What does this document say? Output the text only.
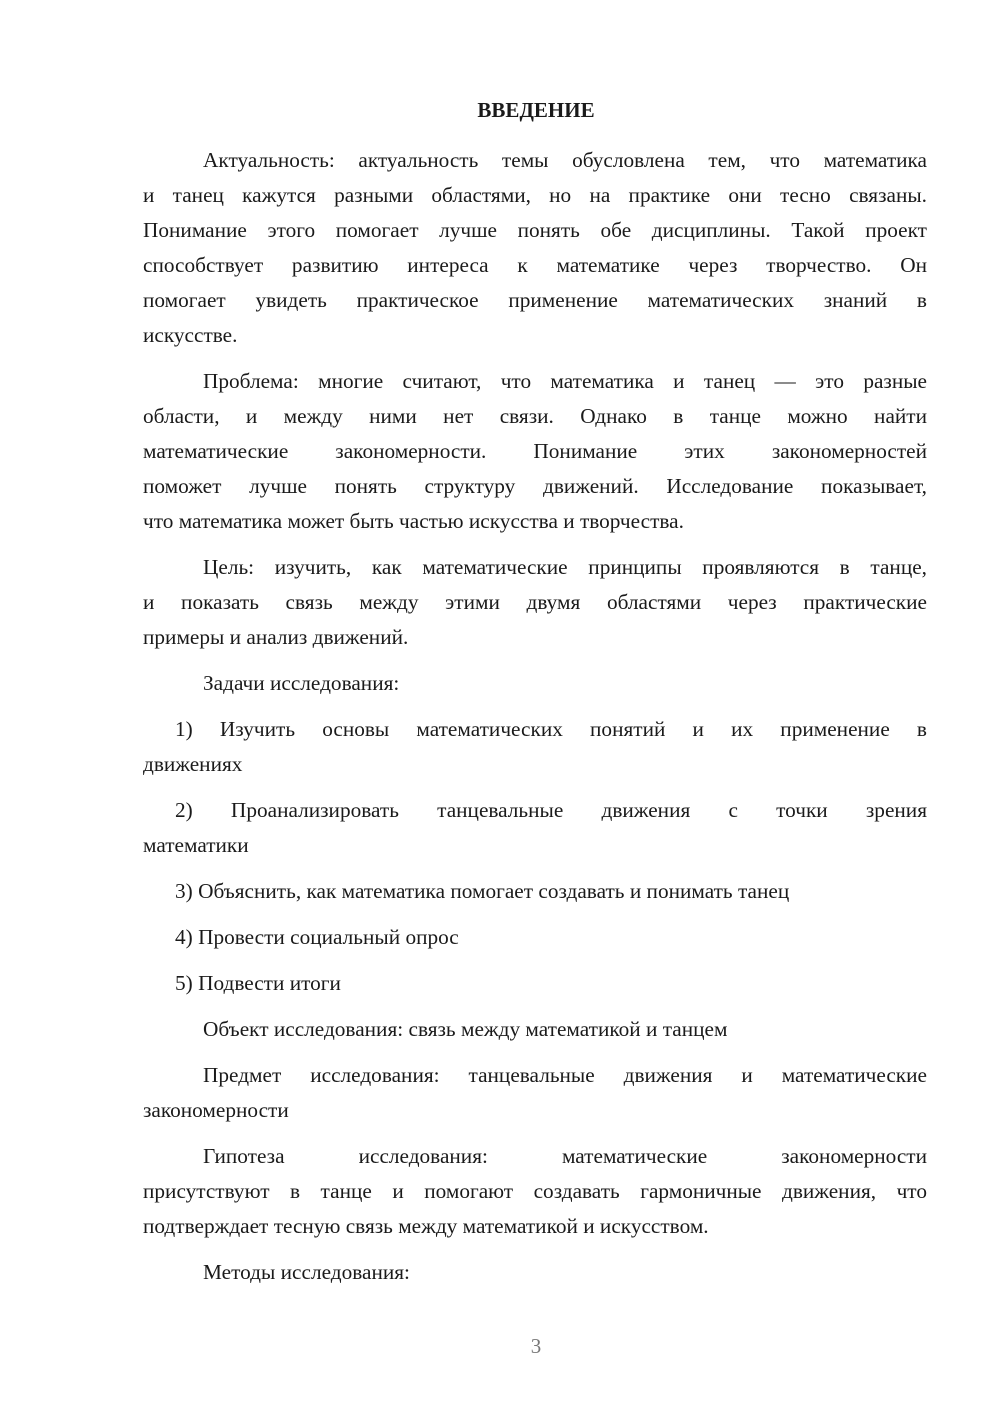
ВВЕДЕНИЕ
Актуальность: актуальность темы обусловлена тем, что математика
и танец кажутся разными областями, но на практике они тесно связаны.
Понимание этого помогает лучше понять обе дисциплины. Такой проект
способствует развитию интереса к математике через творчество. Он
помогает увидеть практическое применение математических знаний в
искусстве.
Проблема: многие считают, что математика и танец — это разные
области, и между ними нет связи. Однако в танце можно найти
математические закономерности. Понимание этих закономерностей
поможет лучше понять структуру движений. Исследование показывает,
что математика может быть частью искусства и творчества.
Цель: изучить, как математические принципы проявляются в танце,
и показать связь между этими двумя областями через практические
примеры и анализ движений.
Задачи исследования:
1) Изучить основы математических понятий и их применение в
движениях
2) Проанализировать танцевальные движения с точки зрения
математики
3) Объяснить, как математика помогает создавать и понимать танец
4) Провести социальный опрос
5) Подвести итоги
Объект исследования: связь между математикой и танцем
Предмет исследования: танцевальные движения и математические
закономерности
Гипотеза исследования: математические закономерности
присутствуют в танце и помогают создавать гармоничные движения, что
подтверждает тесную связь между математикой и искусством.
Методы исследования:
3
